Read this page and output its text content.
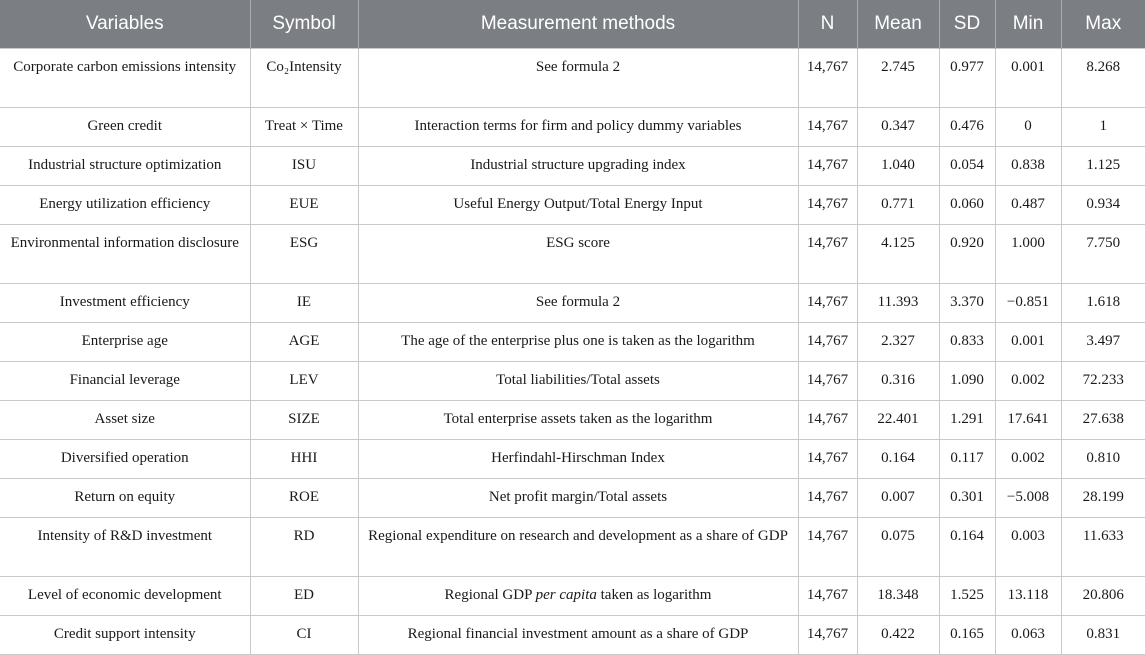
Variables	Symbol	Measurement methods	N	Mean	SD	Min	Max

Corporate carbon emissions intensity	Co₂Intensity	See formula 2	14,767	2.745	0.977	0.001	8.268

Green credit	Treat × Time	Interaction terms for firm and policy dummy variables	14,767	0.347	0.476	0	1

Industrial structure optimization	ISU	Industrial structure upgrading index	14,767	1.040	0.054	0.838	1.125

Energy utilization efficiency	EUE	Useful Energy Output/Total Energy Input	14,767	0.771	0.060	0.487	0.934

Environmental information disclosure	ESG	ESG score	14,767	4.125	0.920	1.000	7.750

Investment efficiency	IE	See formula 2	14,767	11.393	3.370	−0.851	1.618

Enterprise age	AGE	The age of the enterprise plus one is taken as the logarithm	14,767	2.327	0.833	0.001	3.497

Financial leverage	LEV	Total liabilities/Total assets	14,767	0.316	1.090	0.002	72.233

Asset size	SIZE	Total enterprise assets taken as the logarithm	14,767	22.401	1.291	17.641	27.638

Diversified operation	HHI	Herfindahl-Hirschman Index	14,767	0.164	0.117	0.002	0.810

Return on equity	ROE	Net profit margin/Total assets	14,767	0.007	0.301	−5.008	28.199

Intensity of R&D investment	RD	Regional expenditure on research and development as a share of GDP	14,767	0.075	0.164	0.003	11.633

Level of economic development	ED	Regional GDP per capita taken as logarithm	14,767	18.348	1.525	13.118	20.806

Credit support intensity	CI	Regional financial investment amount as a share of GDP	14,767	0.422	0.165	0.063	0.831
